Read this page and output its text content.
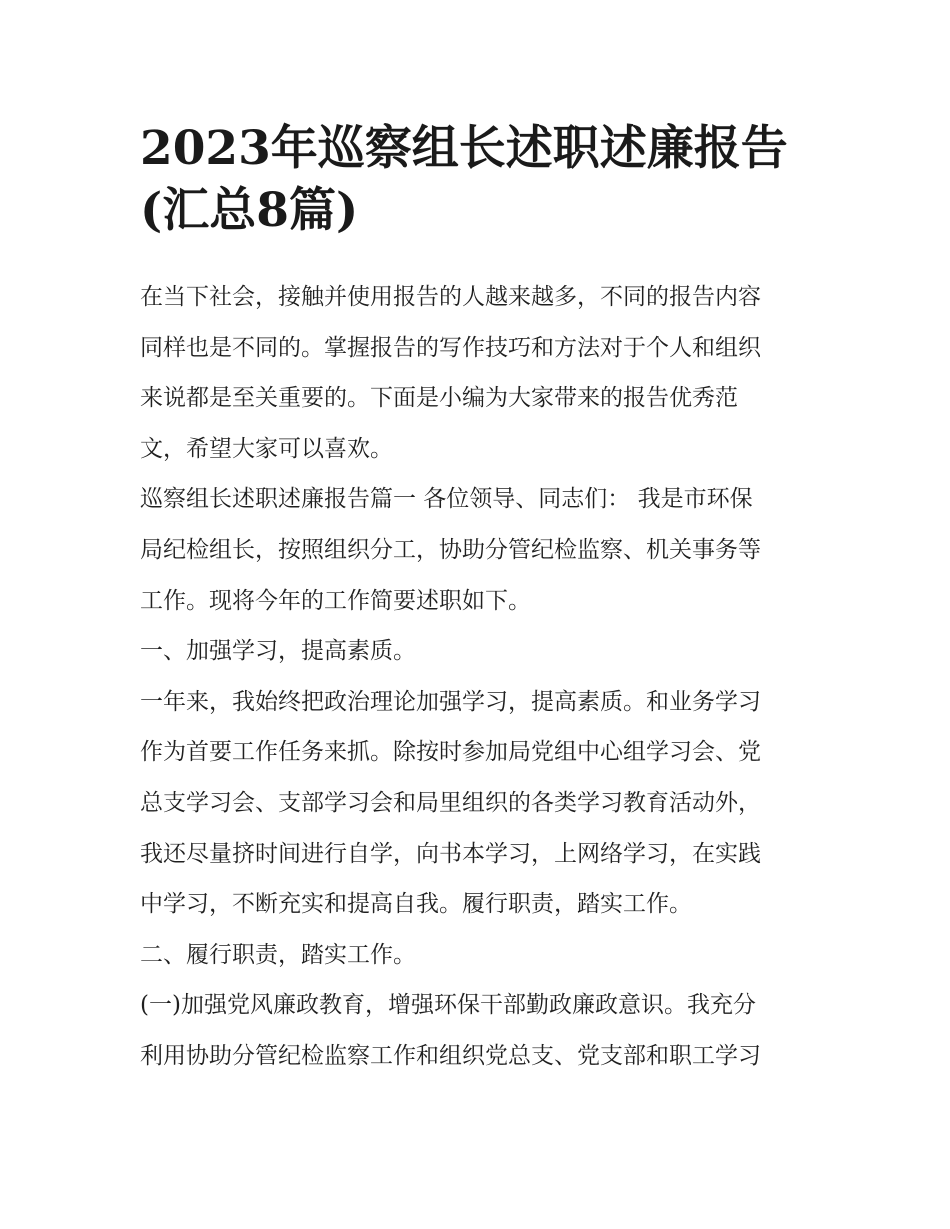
2023年巡察组长述职述廉报告
(汇总8篇)

在当下社会，接触并使用报告的人越来越多，不同的报告内容
同样也是不同的。掌握报告的写作技巧和方法对于个人和组织
来说都是至关重要的。下面是小编为大家带来的报告优秀范
文，希望大家可以喜欢。

巡察组长述职述廉报告篇一 各位领导、同志们： 我是市环保
局纪检组长，按照组织分工，协助分管纪检监察、机关事务等
工作。现将今年的工作简要述职如下。

一、加强学习，提高素质。

一年来，我始终把政治理论加强学习，提高素质。和业务学习
作为首要工作任务来抓。除按时参加局党组中心组学习会、党
总支学习会、支部学习会和局里组织的各类学习教育活动外，
我还尽量挤时间进行自学，向书本学习，上网络学习，在实践
中学习，不断充实和提高自我。履行职责，踏实工作。

二、履行职责，踏实工作。

(一)加强党风廉政教育，增强环保干部勤政廉政意识。我充分
利用协助分管纪检监察工作和组织党总支、党支部和职工学习
